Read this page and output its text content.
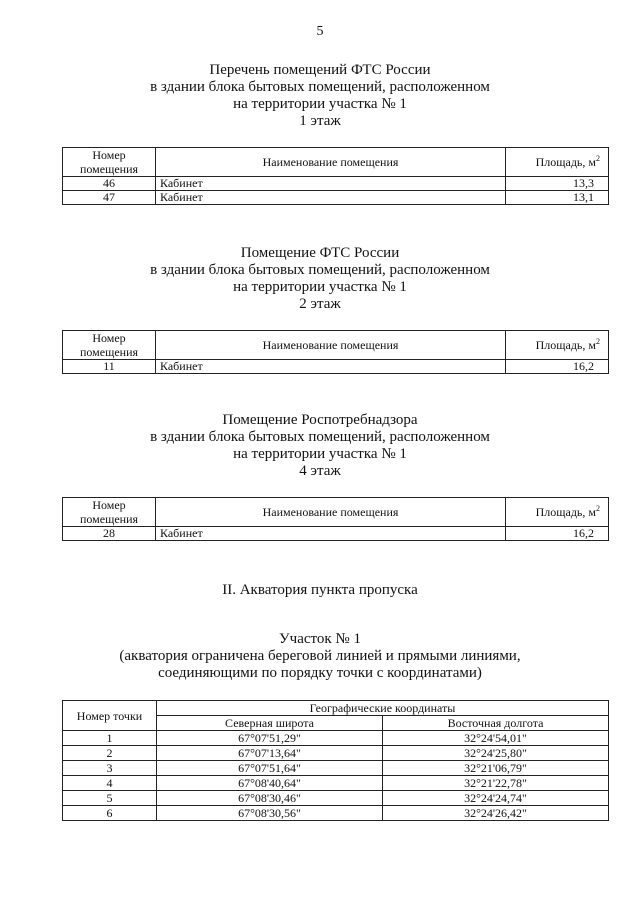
5
Перечень помещений ФТС России
в здании блока бытовых помещений, расположенном
на территории участка № 1
1 этаж
Номер
помещения	Наименование помещения	Площадь, $м^2$
46	Кабинет	13,3
47	Кабинет	13,1
Помещение ФТС России
в здании блока бытовых помещений, расположенном
на территории участка № 1
2 этаж
Номер
помещения	Наименование помещения	Площадь, $м^2$
11	Кабинет	16,2
Помещение Роспотребнадзора
в здании блока бытовых помещений, расположенном
на территории участка № 1
4 этаж
Номер
помещения	Наименование помещения	Площадь, $м^2$
28	Кабинет	16,2
II. Акватория пункта пропуска
Участок № 1
(акватория ограничена береговой линией и прямыми линиями,
соединяющими по порядку точки с координатами)
Номер точки	Географические координаты	
	Северная широта	Восточная долгота
1	67°07'51,29"	32°24'54,01"
2	67°07'13,64"	32°24'25,80"
3	67°07'51,64"	32°21'06,79"
4	67°08'40,64"	32°21'22,78"
5	67°08'30,46"	32°24'24,74"
6	67°08'30,56"	32°24'26,42"
